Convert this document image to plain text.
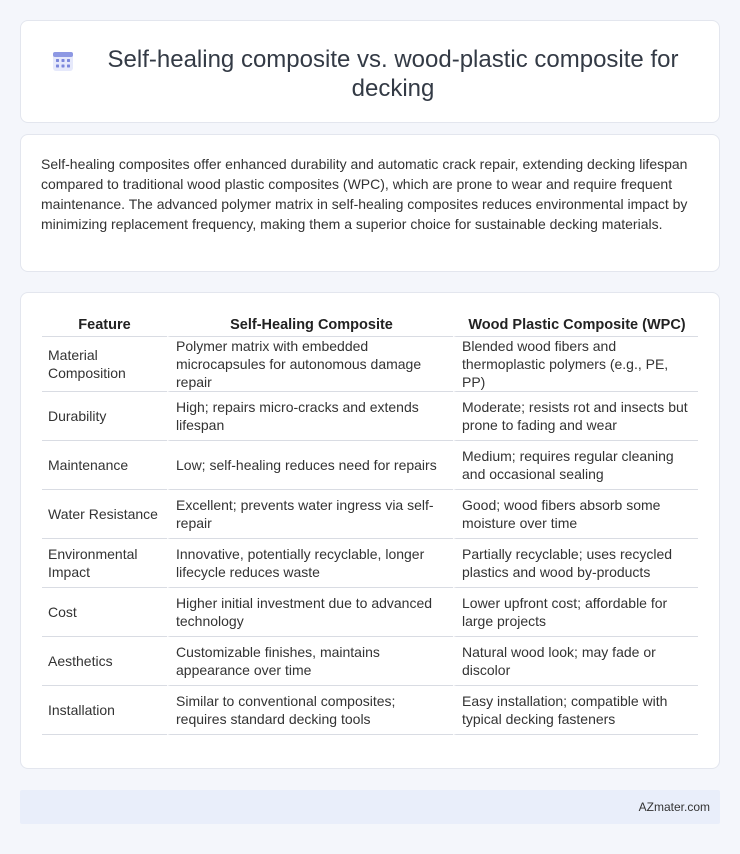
Self-healing composite vs. wood-plastic composite for decking

Self-healing composites offer enhanced durability and automatic crack repair, extending decking lifespan compared to traditional wood plastic composites (WPC), which are prone to wear and require frequent maintenance. The advanced polymer matrix in self-healing composites reduces environmental impact by minimizing replacement frequency, making them a superior choice for sustainable decking materials.

Feature	Self-Healing Composite	Wood Plastic Composite (WPC)
Material Composition	Polymer matrix with embedded microcapsules for autonomous damage repair	Blended wood fibers and thermoplastic polymers (e.g., PE, PP)
Durability	High; repairs micro-cracks and extends lifespan	Moderate; resists rot and insects but prone to fading and wear
Maintenance	Low; self-healing reduces need for repairs	Medium; requires regular cleaning and occasional sealing
Water Resistance	Excellent; prevents water ingress via self-repair	Good; wood fibers absorb some moisture over time
Environmental Impact	Innovative, potentially recyclable, longer lifecycle reduces waste	Partially recyclable; uses recycled plastics and wood by-products
Cost	Higher initial investment due to advanced technology	Lower upfront cost; affordable for large projects
Aesthetics	Customizable finishes, maintains appearance over time	Natural wood look; may fade or discolor
Installation	Similar to conventional composites; requires standard decking tools	Easy installation; compatible with typical decking fasteners
AZmater.com
